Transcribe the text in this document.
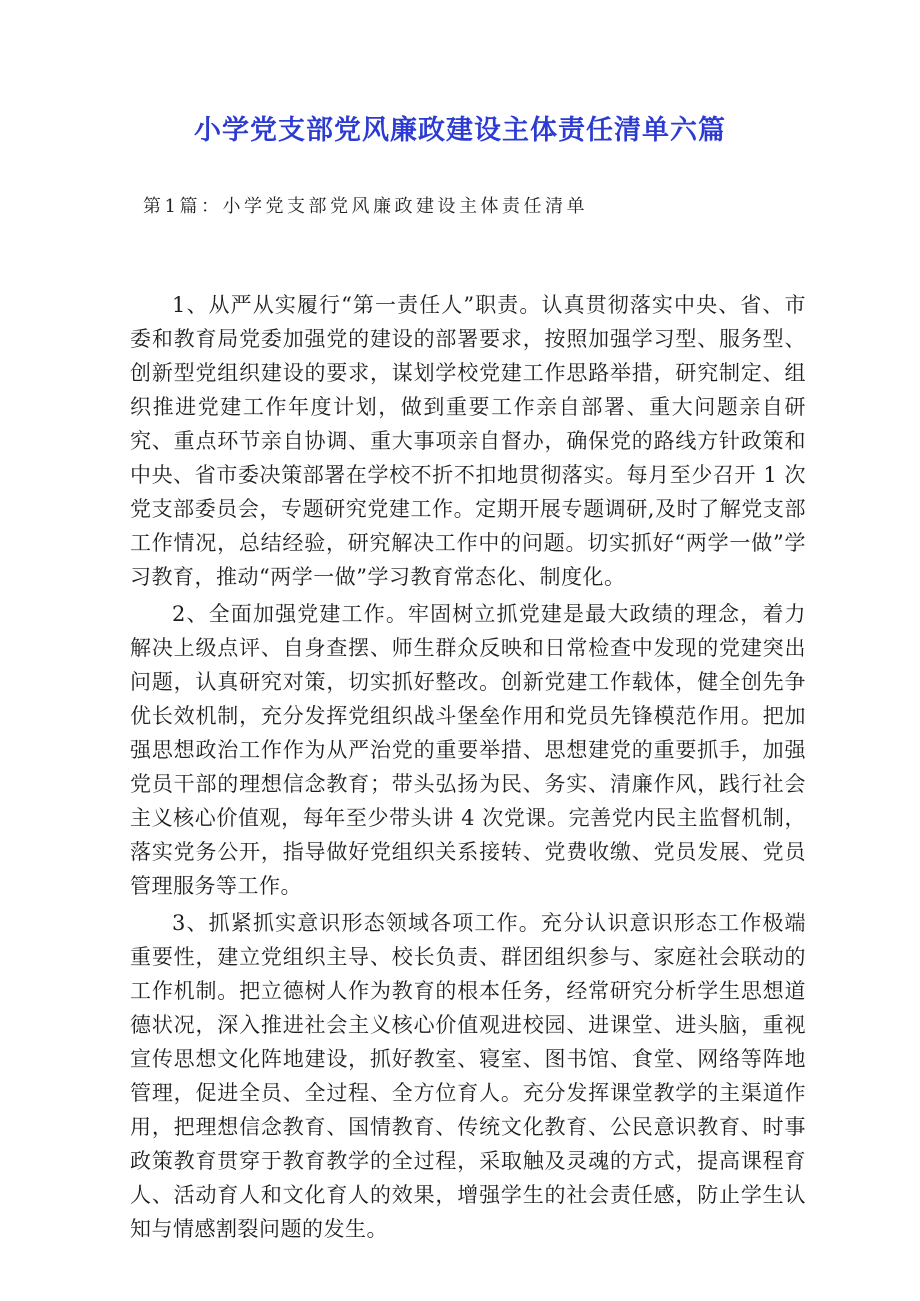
小学党支部党风廉政建设主体责任清单六篇
第1篇：小学党支部党风廉政建设主体责任清单

1、从严从实履行“第一责任人”职责。认真贯彻落实中央、省、市委和教育局党委加强党的建设的部署要求，按照加强学习型、服务型、创新型党组织建设的要求，谋划学校党建工作思路举措，研究制定、组织推进党建工作年度计划，做到重要工作亲自部署、重大问题亲自研究、重点环节亲自协调、重大事项亲自督办，确保党的路线方针政策和中央、省市委决策部署在学校不折不扣地贯彻落实。每月至少召开 1 次党支部委员会，专题研究党建工作。定期开展专题调研,及时了解党支部工作情况，总结经验，研究解决工作中的问题。切实抓好“两学一做”学习教育，推动“两学一做”学习教育常态化、制度化。

2、全面加强党建工作。牢固树立抓党建是最大政绩的理念，着力解决上级点评、自身查摆、师生群众反映和日常检查中发现的党建突出问题，认真研究对策，切实抓好整改。创新党建工作载体，健全创先争优长效机制，充分发挥党组织战斗堡垒作用和党员先锋模范作用。把加强思想政治工作作为从严治党的重要举措、思想建党的重要抓手，加强党员干部的理想信念教育；带头弘扬为民、务实、清廉作风，践行社会主义核心价值观，每年至少带头讲 4 次党课。完善党内民主监督机制，落实党务公开，指导做好党组织关系接转、党费收缴、党员发展、党员管理服务等工作。

3、抓紧抓实意识形态领域各项工作。充分认识意识形态工作极端重要性，建立党组织主导、校长负责、群团组织参与、家庭社会联动的工作机制。把立德树人作为教育的根本任务，经常研究分析学生思想道德状况，深入推进社会主义核心价值观进校园、进课堂、进头脑，重视宣传思想文化阵地建设，抓好教室、寝室、图书馆、食堂、网络等阵地管理，促进全员、全过程、全方位育人。充分发挥课堂教学的主渠道作用，把理想信念教育、国情教育、传统文化教育、公民意识教育、时事政策教育贯穿于教育教学的全过程，采取触及灵魂的方式，提高课程育人、活动育人和文化育人的效果，增强学生的社会责任感，防止学生认知与情感割裂问题的发生。
